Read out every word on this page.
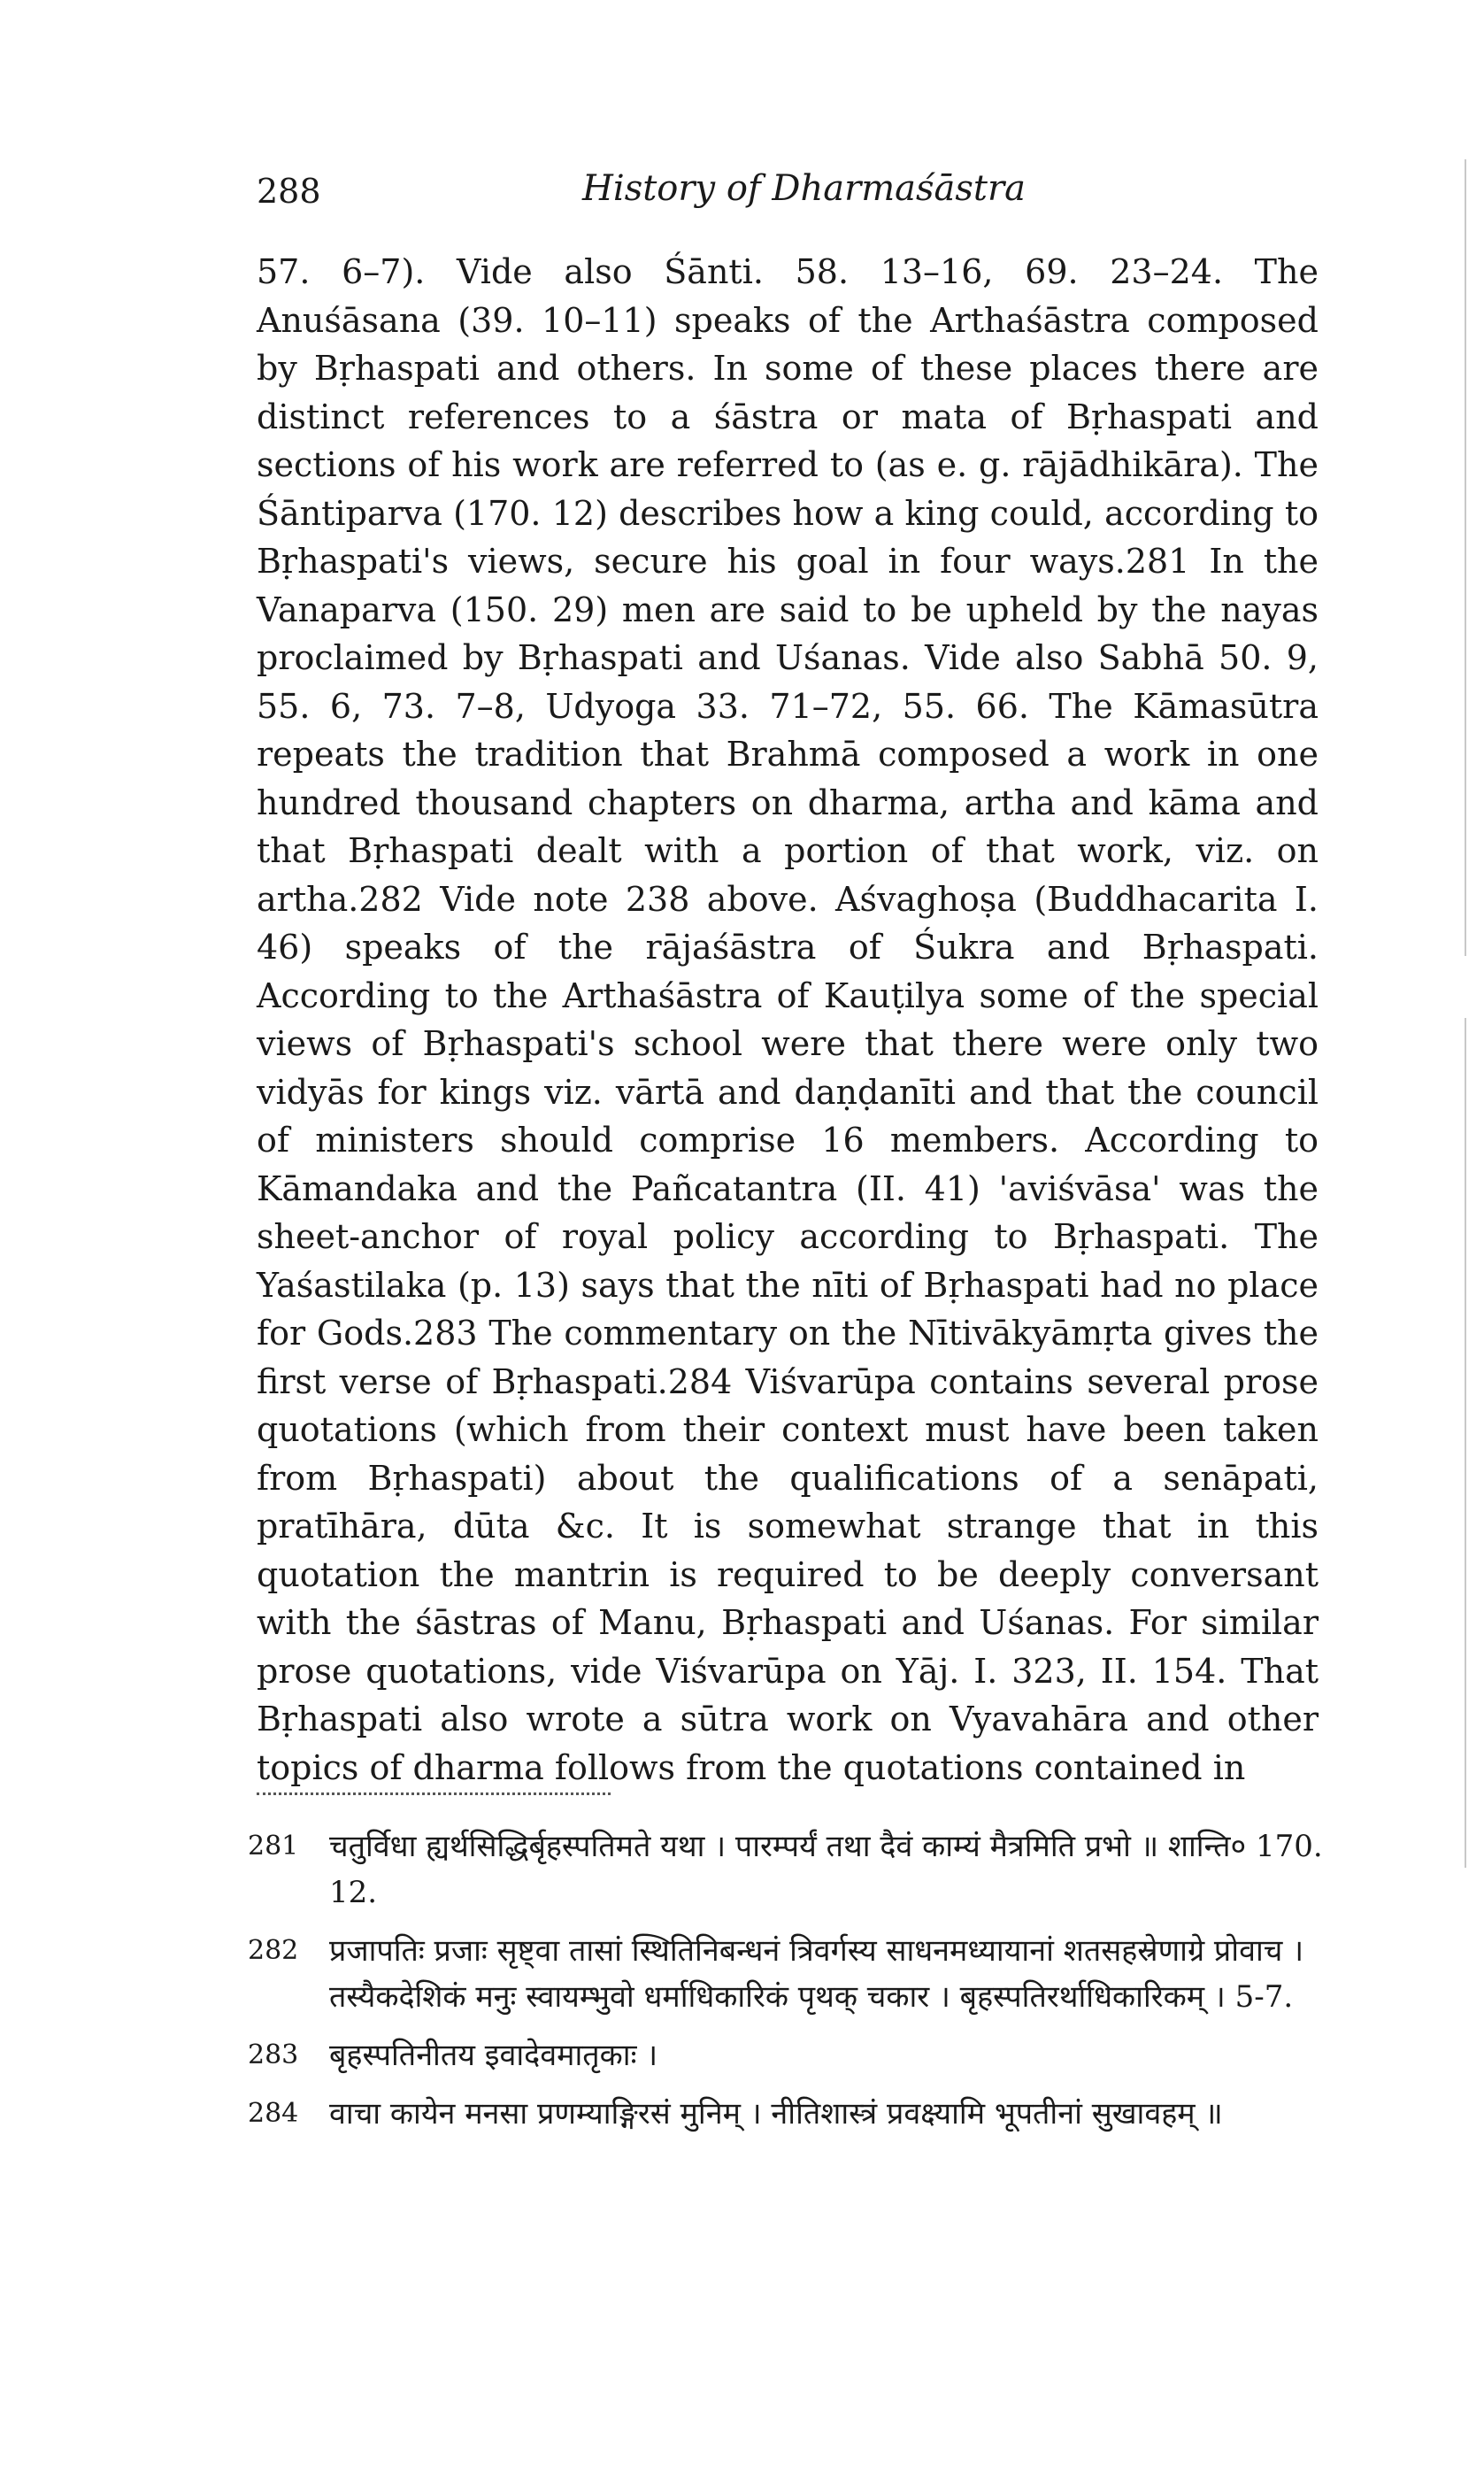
288	History of Dharmaśāstra

57. 6–7). Vide also Śānti. 58. 13–16, 69. 23–24. The Anuśāsana (39. 10–11) speaks of the Arthaśāstra composed by Bṛhaspati and others. In some of these places there are distinct references to a śāstra or mata of Bṛhaspati and sections of his work are referred to (as e. g. rājādhikāra). The Śāntiparva (170. 12) describes how a king could, according to Bṛhaspati's views, secure his goal in four ways.281 In the Vanaparva (150. 29) men are said to be upheld by the nayas proclaimed by Bṛhaspati and Uśanas. Vide also Sabhā 50. 9, 55. 6, 73. 7–8, Udyoga 33. 71–72, 55. 66. The Kāmasūtra repeats the tradition that Brahmā composed a work in one hundred thousand chapters on dharma, artha and kāma and that Bṛhaspati dealt with a portion of that work, viz. on artha.282 Vide note 238 above. Aśvaghoṣa (Buddhacarita I. 46) speaks of the rājaśāstra of Śukra and Bṛhaspati. According to the Arthaśāstra of Kauṭilya some of the special views of Bṛhaspati's school were that there were only two vidyās for kings viz. vārtā and daṇḍanīti and that the council of ministers should comprise 16 members. According to Kāmandaka and the Pañcatantra (II. 41) 'aviśvāsa' was the sheet-anchor of royal policy according to Bṛhaspati. The Yaśastilaka (p. 13) says that the nīti of Bṛhaspati had no place for Gods.283 The commentary on the Nītivākyāmṛta gives the first verse of Bṛhaspati.284 Viśvarūpa contains several prose quotations (which from their context must have been taken from Bṛhaspati) about the qualifications of a senāpati, pratīhāra, dūta &c. It is somewhat strange that in this quotation the mantrin is required to be deeply conversant with the śāstras of Manu, Bṛhaspati and Uśanas. For similar prose quotations, vide Viśvarūpa on Yāj. I. 323, II. 154. That Bṛhaspati also wrote a sūtra work on Vyavahāra and other topics of dharma follows from the quotations contained in

281	चतुर्विधा ह्यर्थसिद्धिर्बृहस्पतिमते यथा । पारम्पर्यं तथा दैवं काम्यं मैत्रमिति प्रभो ॥ शान्ति० 170. 12.
282	प्रजापतिः प्रजाः सृष्ट्वा तासां स्थितिनिबन्धनं त्रिवर्गस्य साधनमध्यायानां शतसहस्रेणाग्रे प्रोवाच । तस्यैकदेशिकं मनुः स्वायम्भुवो धर्माधिकारिकं पृथक् चकार । बृहस्पतिरर्थाधिकारिकम् । 5-7.
283	बृहस्पतिनीतय इवादेवमातृकाः ।
284	वाचा कायेन मनसा प्रणम्याङ्गिरसं मुनिम् । नीतिशास्त्रं प्रवक्ष्यामि भूपतीनां सुखावहम् ॥
